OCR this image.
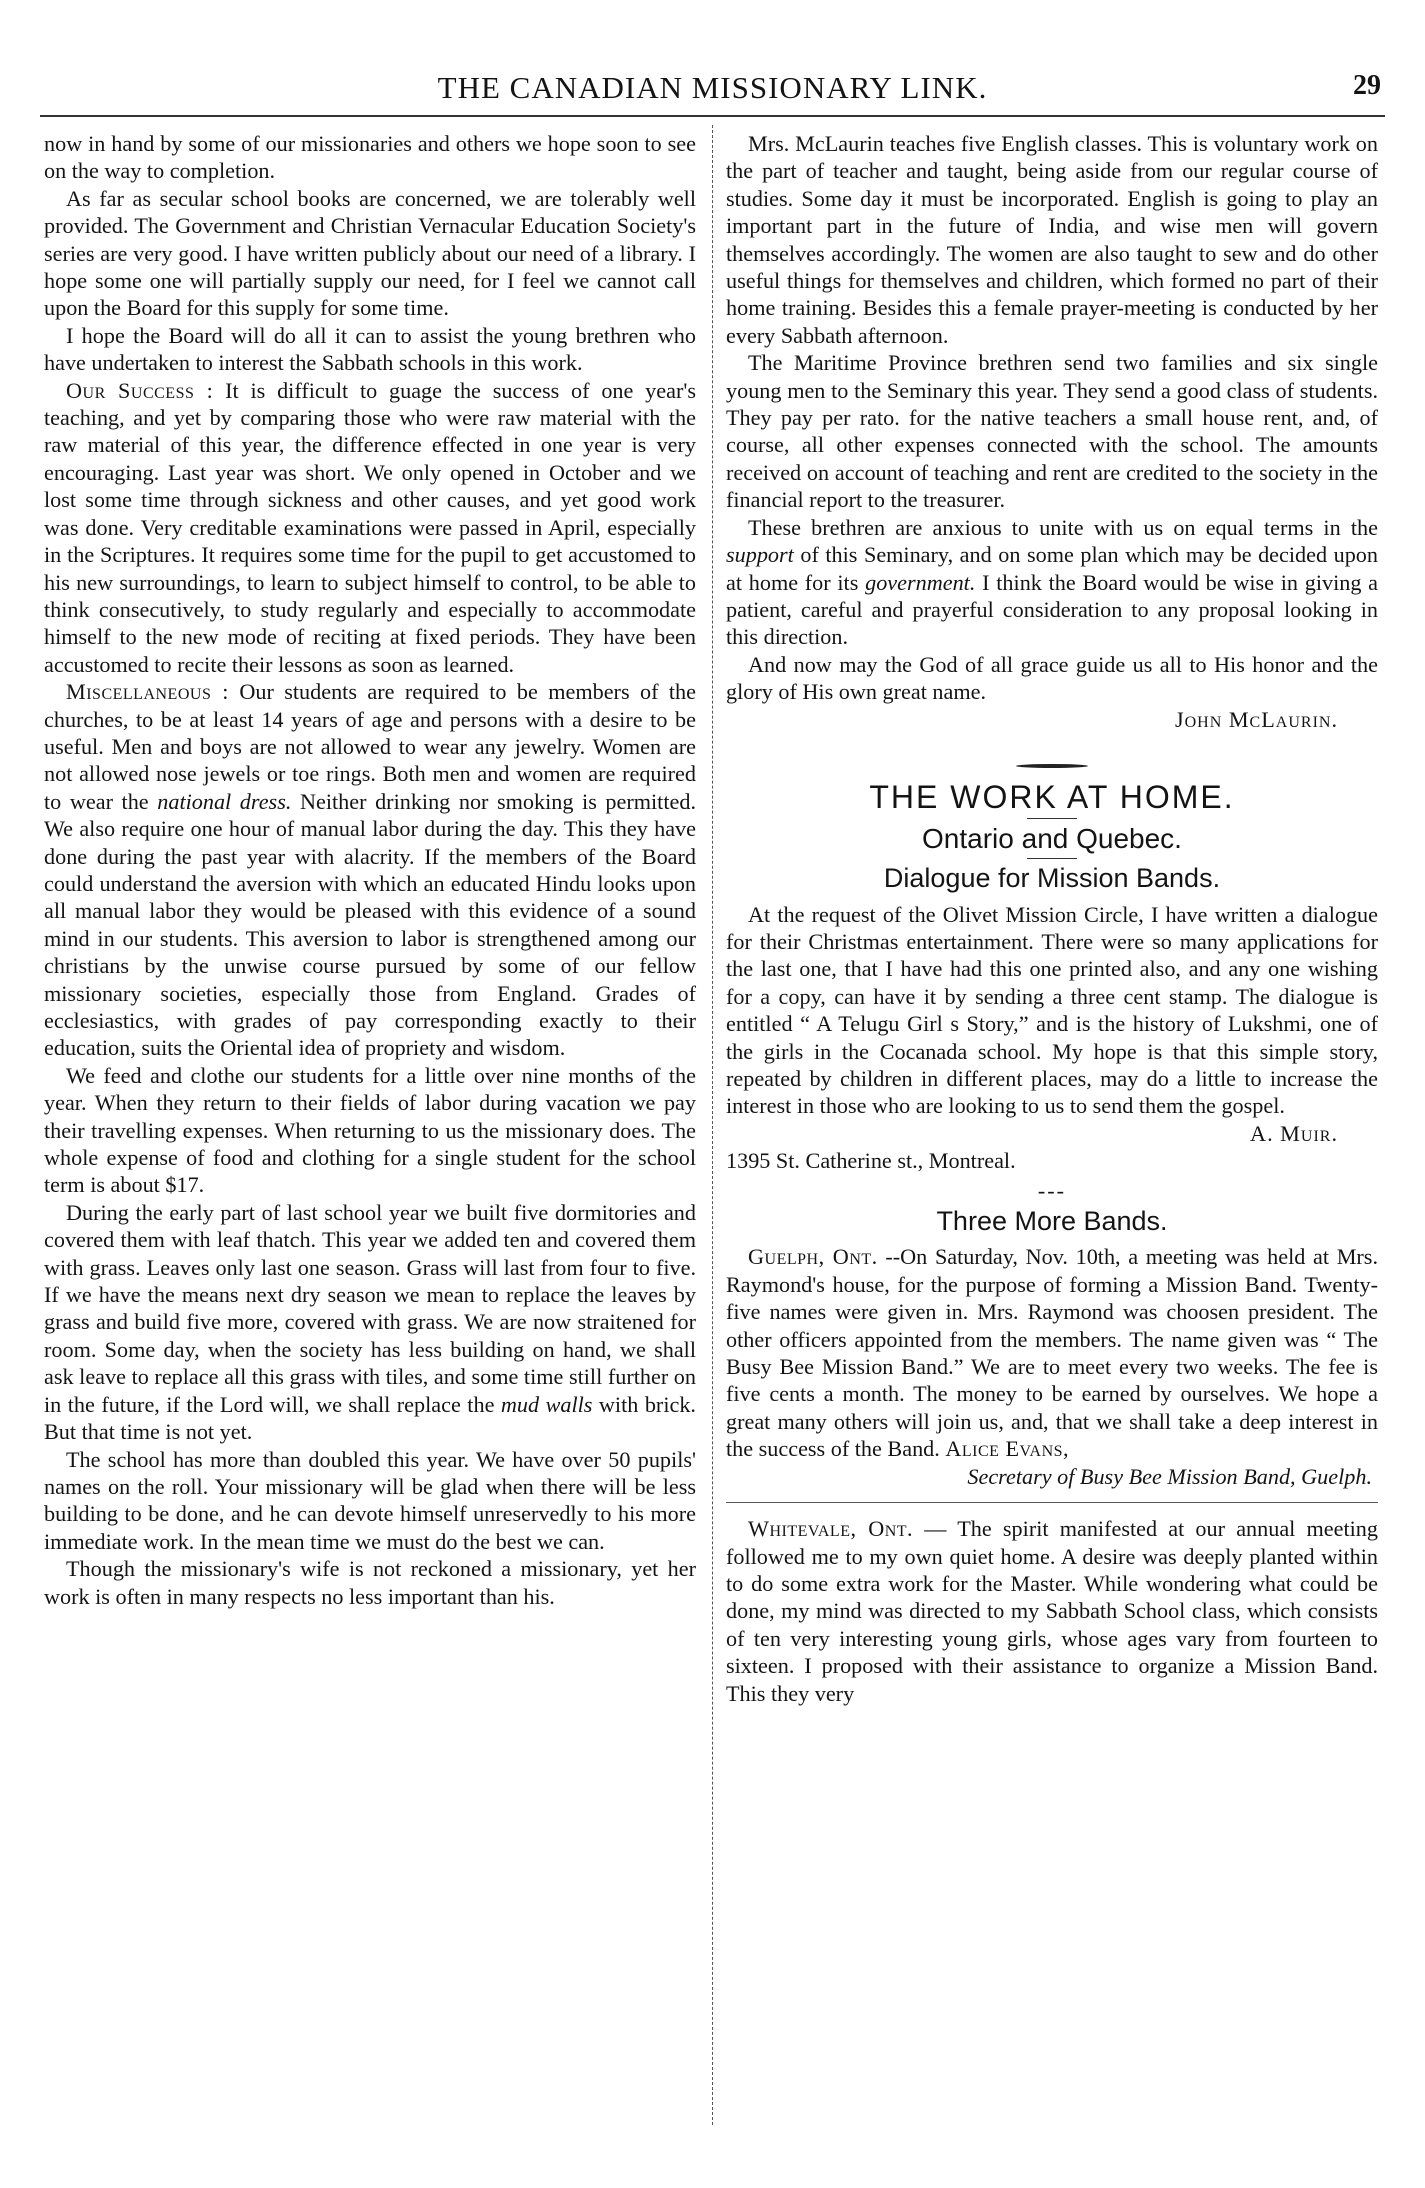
THE CANADIAN MISSIONARY LINK.	29

now in hand by some of our missionaries and others we hope soon to see on the way to completion.

As far as secular school books are concerned, we are tolerably well provided. The Government and Christian Vernacular Education Society's series are very good. I have written publicly about our need of a library. I hope some one will partially supply our need, for I feel we cannot call upon the Board for this supply for some time.

I hope the Board will do all it can to assist the young brethren who have undertaken to interest the Sabbath schools in this work.

Our Success : It is difficult to guage the success of one year's teaching, and yet by comparing those who were raw material with the raw material of this year, the difference effected in one year is very encouraging. Last year was short. We only opened in October and we lost some time through sickness and other causes, and yet good work was done. Very creditable examinations were passed in April, especially in the Scriptures. It requires some time for the pupil to get accustomed to his new surroundings, to learn to subject himself to control, to be able to think consecutively, to study regularly and especially to accommodate himself to the new mode of reciting at fixed periods. They have been accustomed to recite their lessons as soon as learned.

Miscellaneous : Our students are required to be members of the churches, to be at least 14 years of age and persons with a desire to be useful. Men and boys are not allowed to wear any jewelry. Women are not allowed nose jewels or toe rings. Both men and women are required to wear the national dress. Neither drinking nor smoking is permitted. We also require one hour of manual labor during the day. This they have done during the past year with alacrity. If the members of the Board could understand the aversion with which an educated Hindu looks upon all manual labor they would be pleased with this evidence of a sound mind in our students. This aversion to labor is strengthened among our christians by the unwise course pursued by some of our fellow missionary societies, especially those from England. Grades of ecclesiastics, with grades of pay corresponding exactly to their education, suits the Oriental idea of propriety and wisdom.

We feed and clothe our students for a little over nine months of the year. When they return to their fields of labor during vacation we pay their travelling expenses. When returning to us the missionary does. The whole expense of food and clothing for a single student for the school term is about $17.

During the early part of last school year we built five dormitories and covered them with leaf thatch. This year we added ten and covered them with grass. Leaves only last one season. Grass will last from four to five. If we have the means next dry season we mean to replace the leaves by grass and build five more, covered with grass. We are now straitened for room. Some day, when the society has less building on hand, we shall ask leave to replace all this grass with tiles, and some time still further on in the future, if the Lord will, we shall replace the mud walls with brick. But that time is not yet.

The school has more than doubled this year. We have over 50 pupils' names on the roll. Your missionary will be glad when there will be less building to be done, and he can devote himself unreservedly to his more immediate work. In the mean time we must do the best we can.

Though the missionary's wife is not reckoned a missionary, yet her work is often in many respects no less important than his.

Mrs. McLaurin teaches five English classes. This is voluntary work on the part of teacher and taught, being aside from our regular course of studies. Some day it must be incorporated. English is going to play an important part in the future of India, and wise men will govern themselves accordingly. The women are also taught to sew and do other useful things for themselves and children, which formed no part of their home training. Besides this a female prayer-meeting is conducted by her every Sabbath afternoon.

The Maritime Province brethren send two families and six single young men to the Seminary this year. They send a good class of students. They pay per rato. for the native teachers a small house rent, and, of course, all other expenses connected with the school. The amounts received on account of teaching and rent are credited to the society in the financial report to the treasurer.

These brethren are anxious to unite with us on equal terms in the support of this Seminary, and on some plan which may be decided upon at home for its government. I think the Board would be wise in giving a patient, careful and prayerful consideration to any proposal looking in this direction.

And now may the God of all grace guide us all to His honor and the glory of His own great name.

John McLaurin.

THE WORK AT HOME.
Ontario and Quebec.
Dialogue for Mission Bands.

At the request of the Olivet Mission Circle, I have written a dialogue for their Christmas entertainment. There were so many applications for the last one, that I have had this one printed also, and any one wishing for a copy, can have it by sending a three cent stamp. The dialogue is entitled “ A Telugu Girl s Story,” and is the history of Lukshmi, one of the girls in the Cocanada school. My hope is that this simple story, repeated by children in different places, may do a little to increase the interest in those who are looking to us to send them the gospel.

A. Muir.

1395 St. Catherine st., Montreal.

---
Three More Bands.

Guelph, Ont. --On Saturday, Nov. 10th, a meeting was held at Mrs. Raymond's house, for the purpose of forming a Mission Band. Twenty-five names were given in. Mrs. Raymond was choosen president. The other officers appointed from the members. The name given was “ The Busy Bee Mission Band.” We are to meet every two weeks. The fee is five cents a month. The money to be earned by ourselves. We hope a great many others will join us, and, that we shall take a deep interest in the success of the Band. Alice Evans,

Secretary of Busy Bee Mission Band, Guelph.

Whitevale, Ont. — The spirit manifested at our annual meeting followed me to my own quiet home. A desire was deeply planted within to do some extra work for the Master. While wondering what could be done, my mind was directed to my Sabbath School class, which consists of ten very interesting young girls, whose ages vary from fourteen to sixteen. I proposed with their assistance to organize a Mission Band. This they very
